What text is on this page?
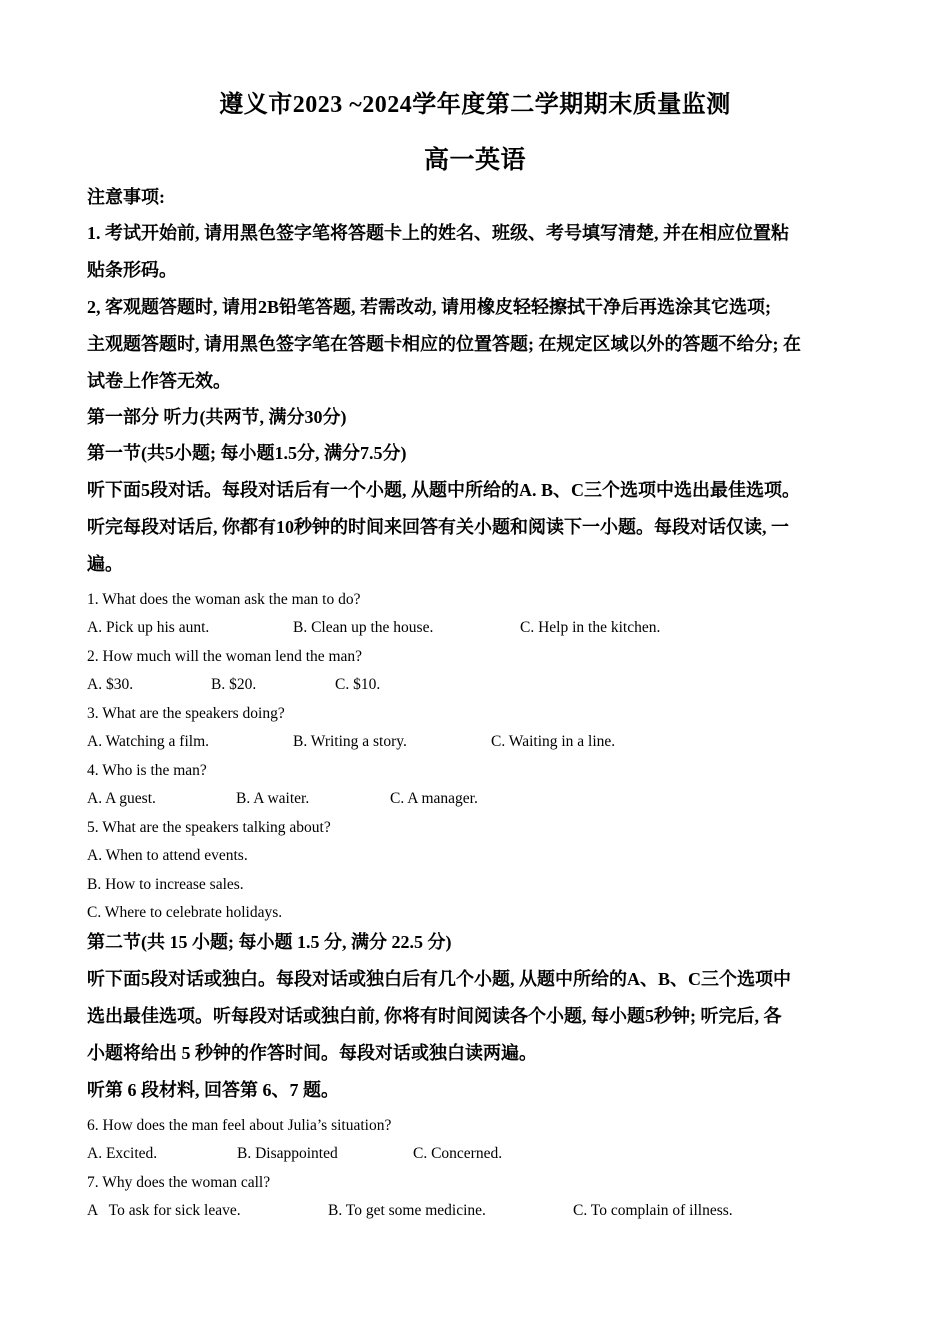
遵义市2023 ~2024学年度第二学期期末质量监测
高一英语
注意事项:
1. 考试开始前, 请用黑色签字笔将答题卡上的姓名、班级、考号填写清楚, 并在相应位置粘
贴条形码。
2, 客观题答题时, 请用2B铅笔答题, 若需改动, 请用橡皮轻轻擦拭干净后再选涂其它选项;
主观题答题时, 请用黑色签字笔在答题卡相应的位置答题; 在规定区域以外的答题不给分; 在
试卷上作答无效。
第一部分 听力(共两节, 满分30分)
第一节(共5小题; 每小题1.5分, 满分7.5分)
听下面5段对话。每段对话后有一个小题, 从题中所给的A. B、C三个选项中选出最佳选项。
听完每段对话后, 你都有10秒钟的时间来回答有关小题和阅读下一小题。每段对话仅读, 一
遍。
1. What does the woman ask the man to do?
A. Pick up his aunt.	B. Clean up the house.	C. Help in the kitchen.
2. How much will the woman lend the man?
A. $30.	B. $20.	C. $10.
3. What are the speakers doing?
A. Watching a film.	B. Writing a story.	C. Waiting in a line.
4. Who is the man?
A. A guest.	B. A waiter.	C. A manager.
5. What are the speakers talking about?
A. When to attend events.
B. How to increase sales.
C. Where to celebrate holidays.
第二节(共 15 小题; 每小题 1.5 分, 满分 22.5 分)
听下面5段对话或独白。每段对话或独白后有几个小题, 从题中所给的A、B、C三个选项中
选出最佳选项。听每段对话或独白前, 你将有时间阅读各个小题, 每小题5秒钟; 听完后, 各
小题将给出 5 秒钟的作答时间。每段对话或独白读两遍。
听第 6 段材料, 回答第 6、7 题。
6. How does the man feel about Julia’s situation?
A. Excited.	B. Disappointed	C. Concerned.
7. Why does the woman call?
A   To ask for sick leave.	B. To get some medicine.	C. To complain of illness.
